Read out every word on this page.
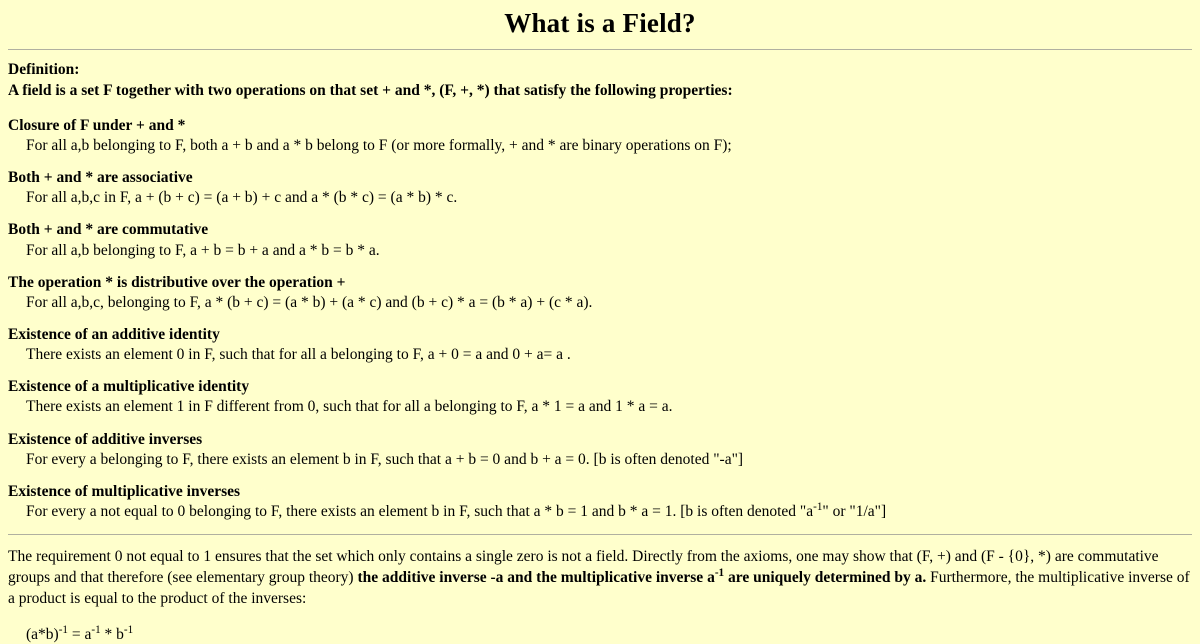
What is a Field?
Definition:
A field is a set F together with two operations on that set + and *, (F, +, *) that satisfy the following properties:
Closure of F under + and *
For all a,b belonging to F, both a + b and a * b belong to F (or more formally, + and * are binary operations on F);
Both + and * are associative
For all a,b,c in F, a + (b + c) = (a + b) + c and a * (b * c) = (a * b) * c.
Both + and * are commutative
For all a,b belonging to F, a + b = b + a and a * b = b * a.
The operation * is distributive over the operation +
For all a,b,c, belonging to F, a * (b + c) = (a * b) + (a * c) and (b + c) * a = (b * a) + (c * a).
Existence of an additive identity
There exists an element 0 in F, such that for all a belonging to F, a + 0 = a and 0 + a= a .
Existence of a multiplicative identity
There exists an element 1 in F different from 0, such that for all a belonging to F, a * 1 = a and 1 * a = a.
Existence of additive inverses
For every a belonging to F, there exists an element b in F, such that a + b = 0 and b + a = 0. [b is often denoted "-a"]
Existence of multiplicative inverses
For every a not equal to 0 belonging to F, there exists an element b in F, such that a * b = 1 and b * a = 1. [b is often denoted "$a^{-1}$" or "1/a"]
The requirement 0 not equal to 1 ensures that the set which only contains a single zero is not a field. Directly from the axioms, one may show that (F, +) and (F - {0}, *) are commutative groups and that therefore (see elementary group theory) the additive inverse -a and the multiplicative inverse $a^{-1}$ are uniquely determined by a. Furthermore, the multiplicative inverse of a product is equal to the product of the inverses:
$(a*b)^{-1} = a^{-1} * b^{-1}$
